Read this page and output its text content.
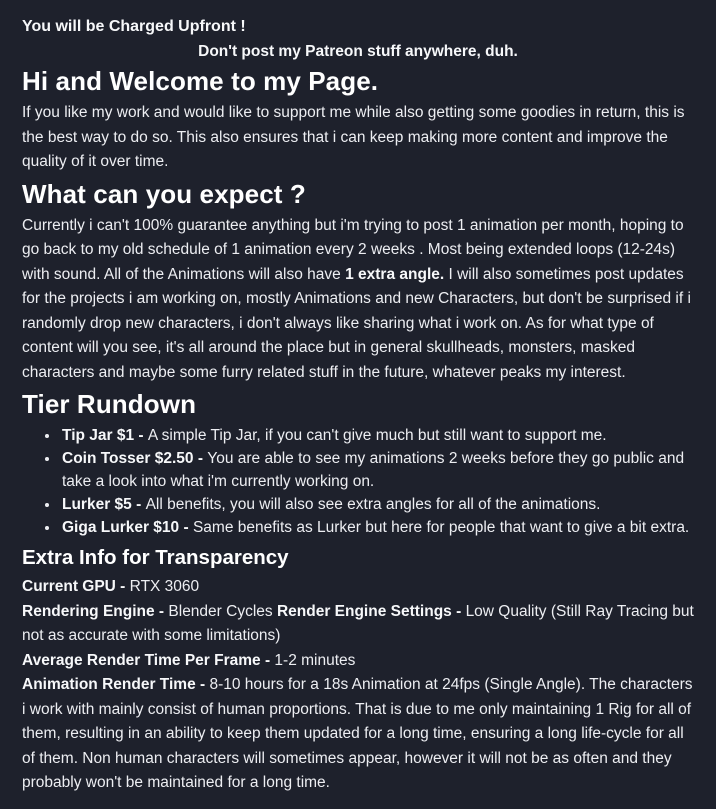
You will be Charged Upfront !

Don't post my Patreon stuff anywhere, duh.

Hi and Welcome to my Page.

If you like my work and would like to support me while also getting some goodies in return, this is the best way to do so. This also ensures that i can keep making more content and improve the quality of it over time.

What can you expect ?

Currently i can't 100% guarantee anything but i'm trying to post 1 animation per month, hoping to go back to my old schedule of 1 animation every 2 weeks . Most being extended loops (12-24s) with sound. All of the Animations will also have 1 extra angle. I will also sometimes post updates for the projects i am working on, mostly Animations and new Characters, but don't be surprised if i randomly drop new characters, i don't always like sharing what i work on. As for what type of content will you see, it's all around the place but in general skullheads, monsters, masked characters and maybe some furry related stuff in the future, whatever peaks my interest.

Tier Rundown
• Tip Jar $1 - A simple Tip Jar, if you can't give much but still want to support me.
• Coin Tosser $2.50 - You are able to see my animations 2 weeks before they go public and take a look into what i'm currently working on.
• Lurker $5 - All benefits, you will also see extra angles for all of the animations.
• Giga Lurker $10 - Same benefits as Lurker but here for people that want to give a bit extra.
Extra Info for Transparency

Current GPU - RTX 3060

Rendering Engine - Blender Cycles Render Engine Settings - Low Quality (Still Ray Tracing but not as accurate with some limitations)

Average Render Time Per Frame - 1-2 minutes

Animation Render Time - 8-10 hours for a 18s Animation at 24fps (Single Angle). The characters i work with mainly consist of human proportions. That is due to me only maintaining 1 Rig for all of them, resulting in an ability to keep them updated for a long time, ensuring a long life-cycle for all of them. Non human characters will sometimes appear, however it will not be as often and they probably won't be maintained for a long time.
